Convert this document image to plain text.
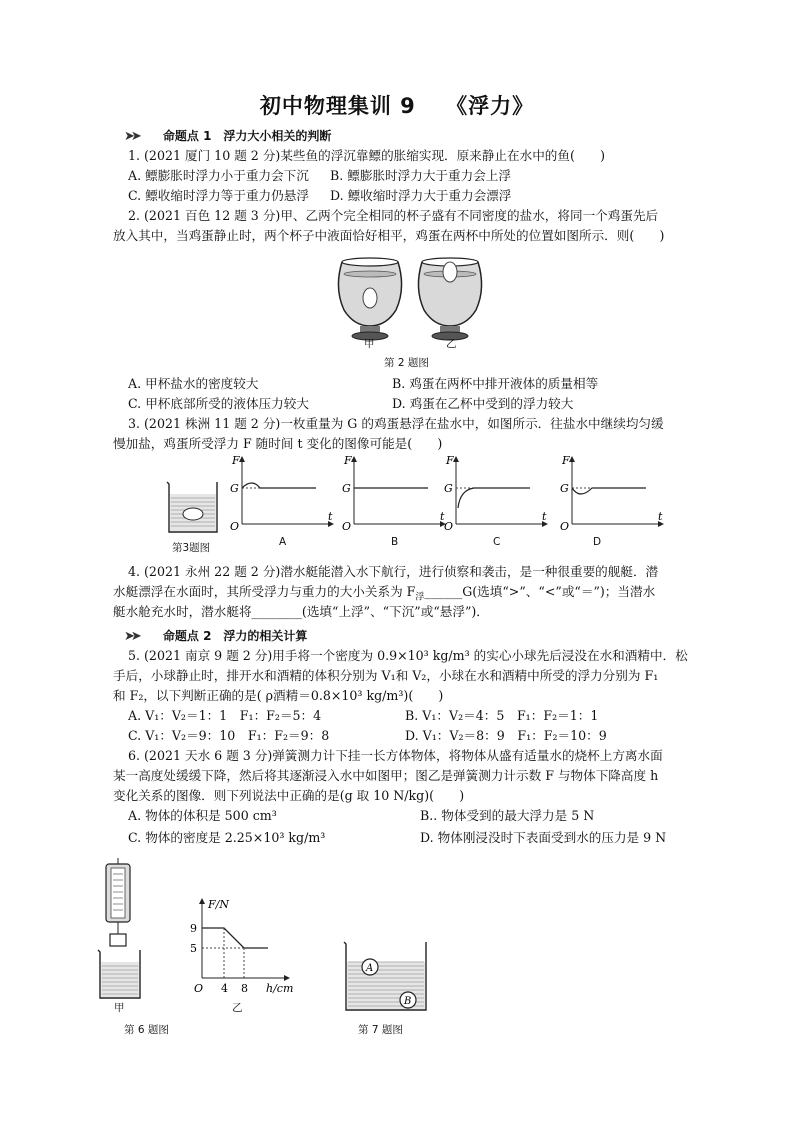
初中物理集训 9　 《浮力》
➤➤ 命题点 1　浮力大小相关的判断
1. (2021 厦门 10 题 2 分)某些鱼的浮沉靠鳔的胀缩实现．原来静止在水中的鱼(　　)
A. 鳔膨胀时浮力小于重力会下沉 B. 鳔膨胀时浮力大于重力会上浮
C. 鳔收缩时浮力等于重力仍悬浮 D. 鳔收缩时浮力大于重力会漂浮
2. (2021 百色 12 题 3 分)甲、乙两个完全相同的杯子盛有不同密度的盐水，将同一个鸡蛋先后
放入其中，当鸡蛋静止时，两个杯子中液面恰好相平，鸡蛋在两杯中所处的位置如图所示．则(　　)
甲	乙
第 2 题图
A. 甲杯盐水的密度较大	B. 鸡蛋在两杯中排开液体的质量相等
C. 甲杯底部所受的液体压力较大	D. 鸡蛋在乙杯中受到的浮力较大
3. (2021 株洲 11 题 2 分)一枚重量为 G 的鸡蛋悬浮在盐水中，如图所示．往盐水中继续均匀缓
慢加盐，鸡蛋所受浮力 F 随时间 t 变化的图像可能是(　　)
第3题图
F
G
O
t
F
G
O
t
F
G
O
t
F
G
O
t
A	B	C	D
4. (2021 永州 22 题 2 分)潜水艇能潜入水下航行，进行侦察和袭击，是一种很重要的舰艇．潜
水艇漂浮在水面时，其所受浮力与重力的大小关系为 $F_浮\_\_\_\_\_\_G$(选填“>”、“<”或“＝”)；当潜水
艇水舱充水时，潜水艇将________(选填“上浮”、“下沉”或“悬浮”)．
➤➤ 命题点 2　浮力的相关计算
5. (2021 南京 9 题 2 分)用手将一个密度为 0.9×10³ kg/m³ 的实心小球先后浸没在水和酒精中．松
手后，小球静止时，排开水和酒精的体积分别为 V₁和 V₂，小球在水和酒精中所受的浮力分别为 F₁
和 F₂，以下判断正确的是( ρ酒精＝0.8×10³ kg/m³)(　　)
A. V₁：V₂＝1：1　F₁：F₂＝5：4	B. V₁：V₂＝4：5　F₁：F₂＝1：1
C. V₁：V₂＝9：10　F₁：F₂＝9：8	D. V₁：V₂＝8：9　F₁：F₂＝10：9
6. (2021 天水 6 题 3 分)弹簧测力计下挂一长方体物体，将物体从盛有适量水的烧杯上方离水面
某一高度处缓缓下降，然后将其逐渐浸入水中如图甲；图乙是弹簧测力计示数 F 与物体下降高度 h
变化关系的图像．则下列说法中正确的是(g 取 10 N/kg)(　　)
A. 物体的体积是 500 cm³	B.. 物体受到的最大浮力是 5 N
C. 物体的密度是 2.25×10³ kg/m³	D. 物体刚浸没时下表面受到水的压力是 9 N
甲
F/N
9
5
O 4 8 h/cm
乙
第 6 题图
A
B
第 7 题图
